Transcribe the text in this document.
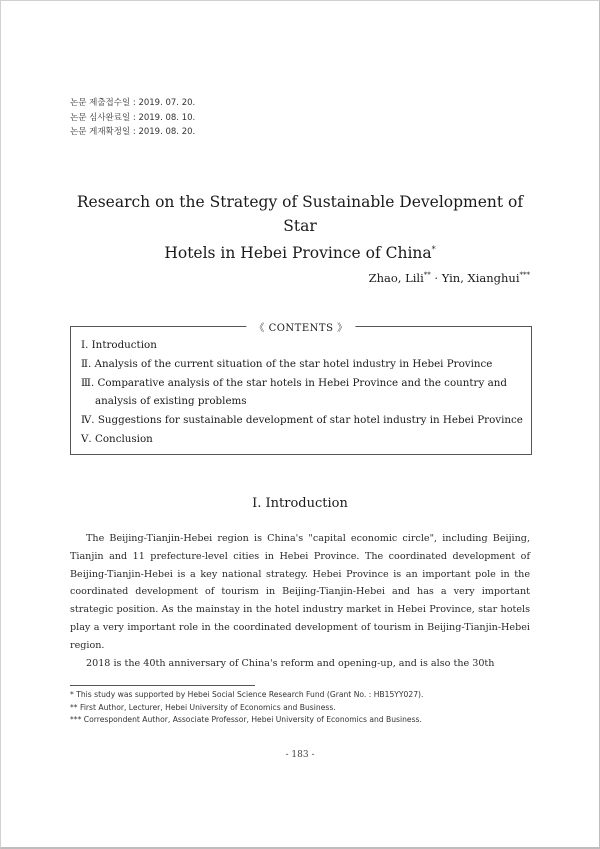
논문 제출접수일 : 2019. 07. 20.
논문 심사완료일 : 2019. 08. 10.
논문 게재확정일 : 2019. 08. 20.
Research on the Strategy of Sustainable Development of Star
Hotels in Hebei Province of China*
Zhao, Lili** · Yin, Xianghui***
《 CONTENTS 》
Ⅰ. Introduction
Ⅱ. Analysis of the current situation of the star hotel industry in Hebei Province
Ⅲ. Comparative analysis of the star hotels in Hebei Province and the country and
analysis of existing problems
Ⅳ. Suggestions for sustainable development of star hotel industry in Hebei Province
Ⅴ. Conclusion
Ⅰ. Introduction

The Beijing-Tianjin-Hebei region is China's "capital economic circle", including Beijing, Tianjin and 11 prefecture-level cities in Hebei Province. The coordinated development of Beijing-Tianjin-Hebei is a key national strategy. Hebei Province is an important pole in the coordinated development of tourism in Beijing-Tianjin-Hebei and has a very important strategic position. As the mainstay in the hotel industry market in Hebei Province, star hotels play a very important role in the coordinated development of tourism in Beijing-Tianjin-Hebei region.

2018 is the 40th anniversary of China's reform and opening-up, and is also the 30th

* This study was supported by Hebei Social Science Research Fund (Grant No. : HB15YY027).
** First Author, Lecturer, Hebei University of Economics and Business.
*** Correspondent Author, Associate Professor, Hebei University of Economics and Business.
- 183 -
